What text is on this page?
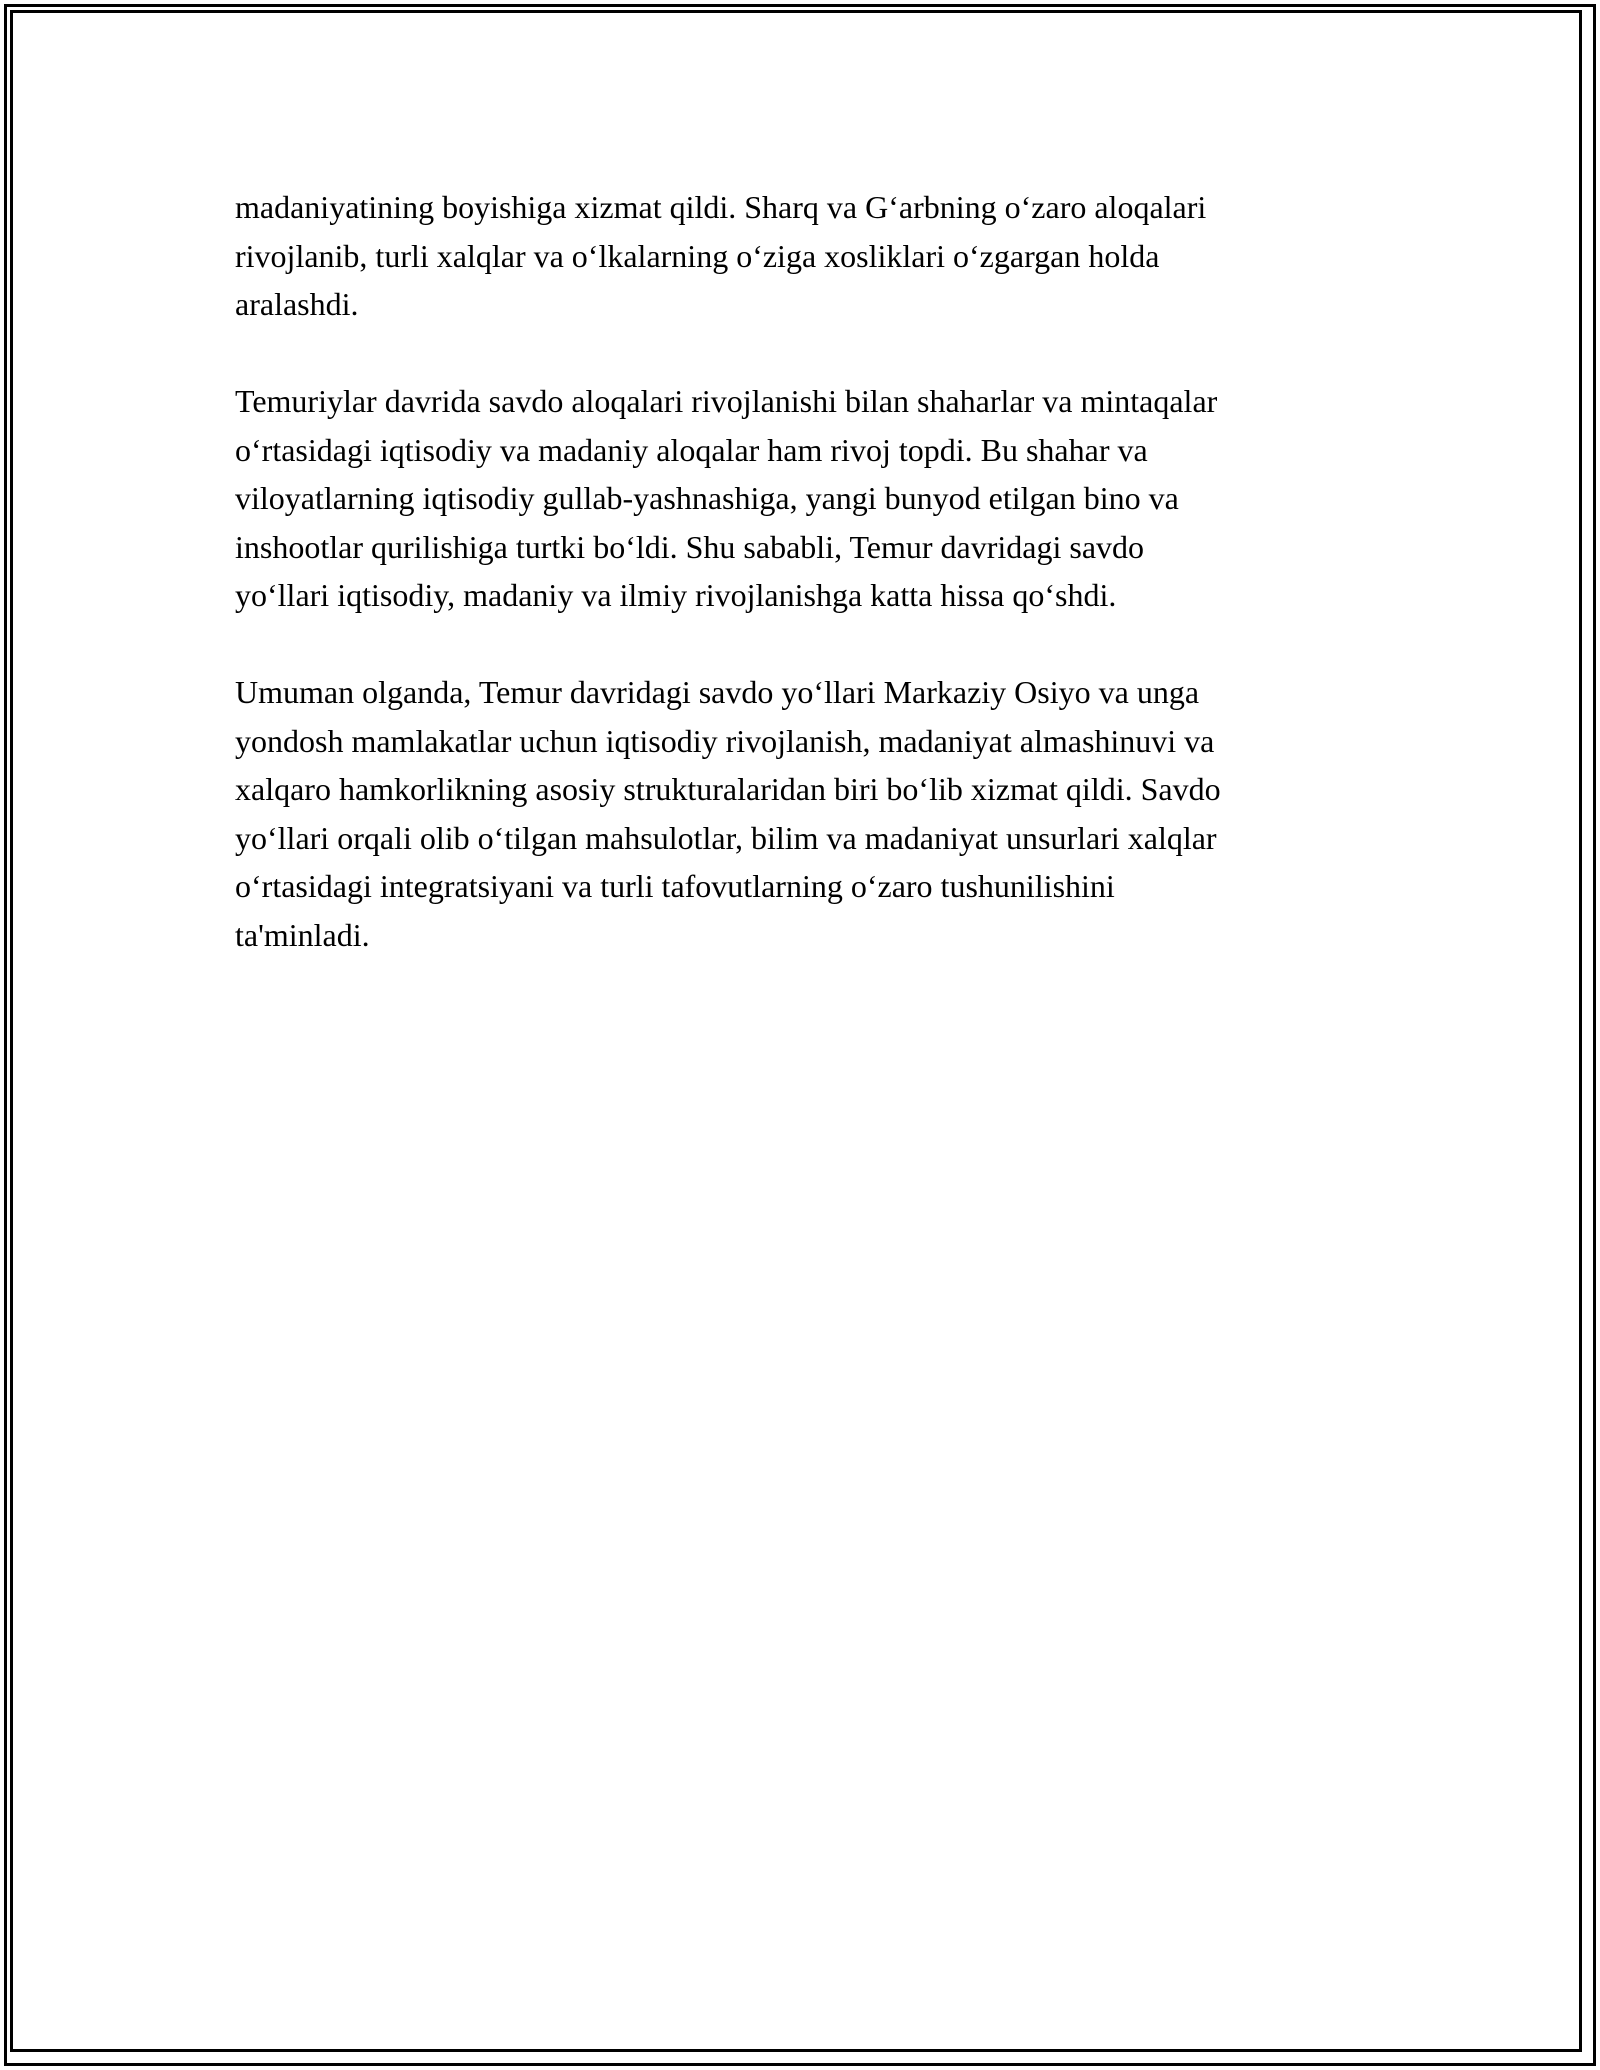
madaniyatining boyishiga xizmat qildi. Sharq va G‘arbning o‘zaro aloqalari
rivojlanib, turli xalqlar va o‘lkalarning o‘ziga xosliklari o‘zgargan holda
aralashdi.

Temuriylar davrida savdo aloqalari rivojlanishi bilan shaharlar va mintaqalar
o‘rtasidagi iqtisodiy va madaniy aloqalar ham rivoj topdi. Bu shahar va
viloyatlarning iqtisodiy gullab-yashnashiga, yangi bunyod etilgan bino va
inshootlar qurilishiga turtki bo‘ldi. Shu sababli, Temur davridagi savdo
yo‘llari iqtisodiy, madaniy va ilmiy rivojlanishga katta hissa qo‘shdi.

Umuman olganda, Temur davridagi savdo yo‘llari Markaziy Osiyo va unga
yondosh mamlakatlar uchun iqtisodiy rivojlanish, madaniyat almashinuvi va
xalqaro hamkorlikning asosiy strukturalaridan biri bo‘lib xizmat qildi. Savdo
yo‘llari orqali olib o‘tilgan mahsulotlar, bilim va madaniyat unsurlari xalqlar
o‘rtasidagi integratsiyani va turli tafovutlarning o‘zaro tushunilishini
ta'minladi.
